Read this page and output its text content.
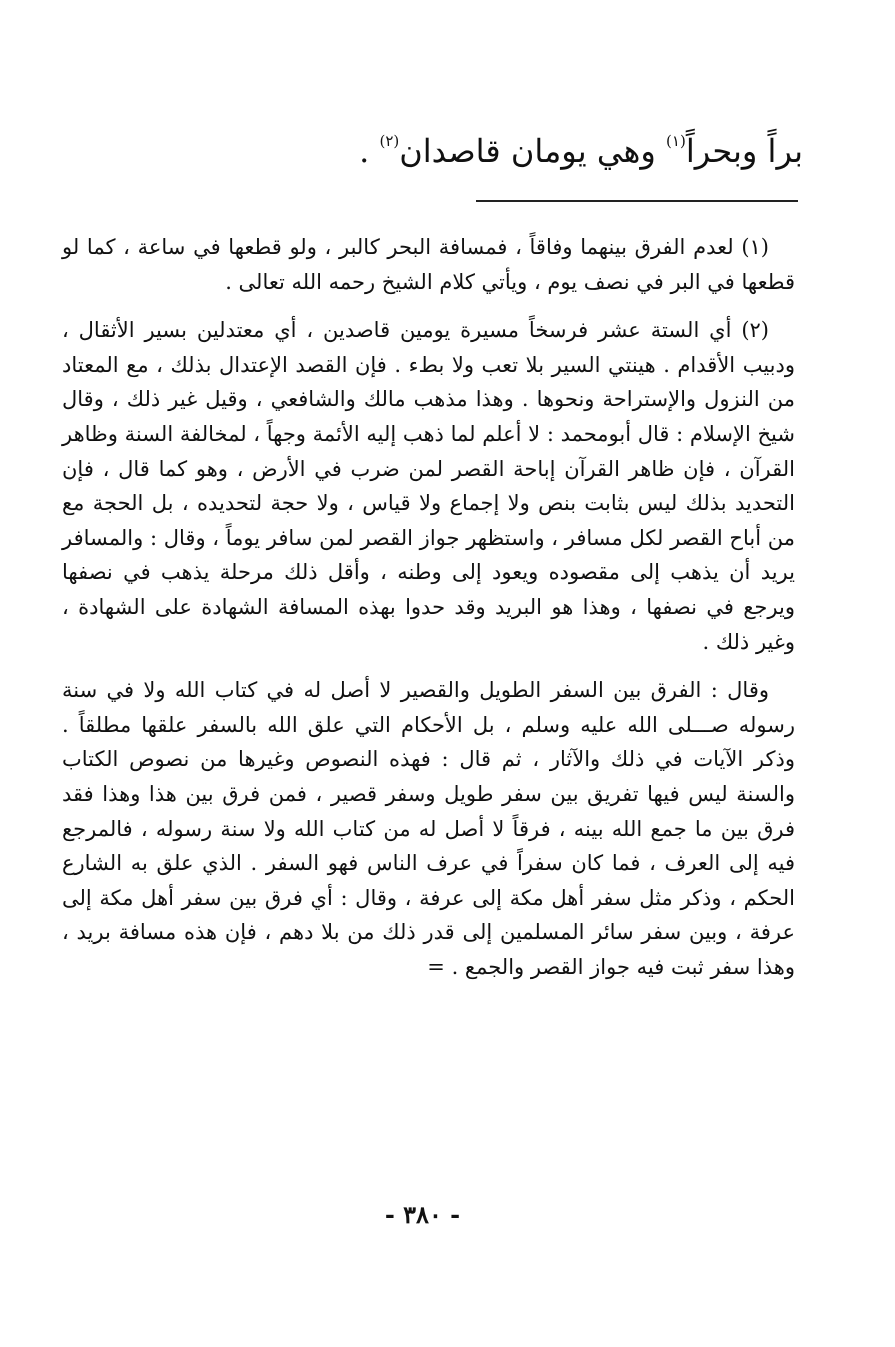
براً وبحراً$^{(١)}$ وهي يومان قاصدان$^{(٢)}$ .

(١) لعدم الفرق بينهما وفاقاً ، فمسافة البحر كالبر ، ولو قطعها في ساعة ، كما لو قطعها في البر في نصف يوم ، ويأتي كلام الشيخ رحمه الله تعالى .

(٢) أي الستة عشر فرسخاً مسيرة يومين قاصدين ، أي معتدلين بسير الأثقال ، ودبيب الأقدام . هينتي السير بلا تعب ولا بطء . فإن القصد الإعتدال بذلك ، مع المعتاد من النزول والإستراحة ونحوها . وهذا مذهب مالك والشافعي ، وقيل غير ذلك ، وقال شيخ الإسلام : قال أبومحمد : لا أعلم لما ذهب إليه الأئمة وجهاً ، لمخالفة السنة وظاهر القرآن ، فإن ظاهر القرآن إباحة القصر لمن ضرب في الأرض ، وهو كما قال ، فإن التحديد بذلك ليس بثابت بنص ولا إجماع ولا قياس ، ولا حجة لتحديده ، بل الحجة مع من أباح القصر لكل مسافر ، واستظهر جواز القصر لمن سافر يوماً ، وقال : والمسافر يريد أن يذهب إلى مقصوده ويعود إلى وطنه ، وأقل ذلك مرحلة يذهب في نصفها ويرجع في نصفها ، وهذا هو البريد وقد حدوا بهذه المسافة الشهادة على الشهادة ، وغير ذلك .

وقال : الفرق بين السفر الطويل والقصير لا أصل له في كتاب الله ولا في سنة رسوله صـــلى الله عليه وسلم ، بل الأحكام التي علق الله بالسفر علقها مطلقاً . وذكر الآيات في ذلك والآثار ، ثم قال : فهذه النصوص وغيرها من نصوص الكتاب والسنة ليس فيها تفريق بين سفر طويل وسفر قصير ، فمن فرق بين هذا وهذا فقد فرق بين ما جمع الله بينه ، فرقاً لا أصل له من كتاب الله ولا سنة رسوله ، فالمرجع فيه إلى العرف ، فما كان سفراً في عرف الناس فهو السفر . الذي علق به الشارع الحكم ، وذكر مثل سفر أهل مكة إلى عرفة ، وقال : أي فرق بين سفر أهل مكة إلى عرفة ، وبين سفر سائر المسلمين إلى قدر ذلك من بلا دهم ، فإن هذه مسافة بريد ، وهذا سفر ثبت فيه جواز القصر والجمع . =

- ٣٨٠ -
